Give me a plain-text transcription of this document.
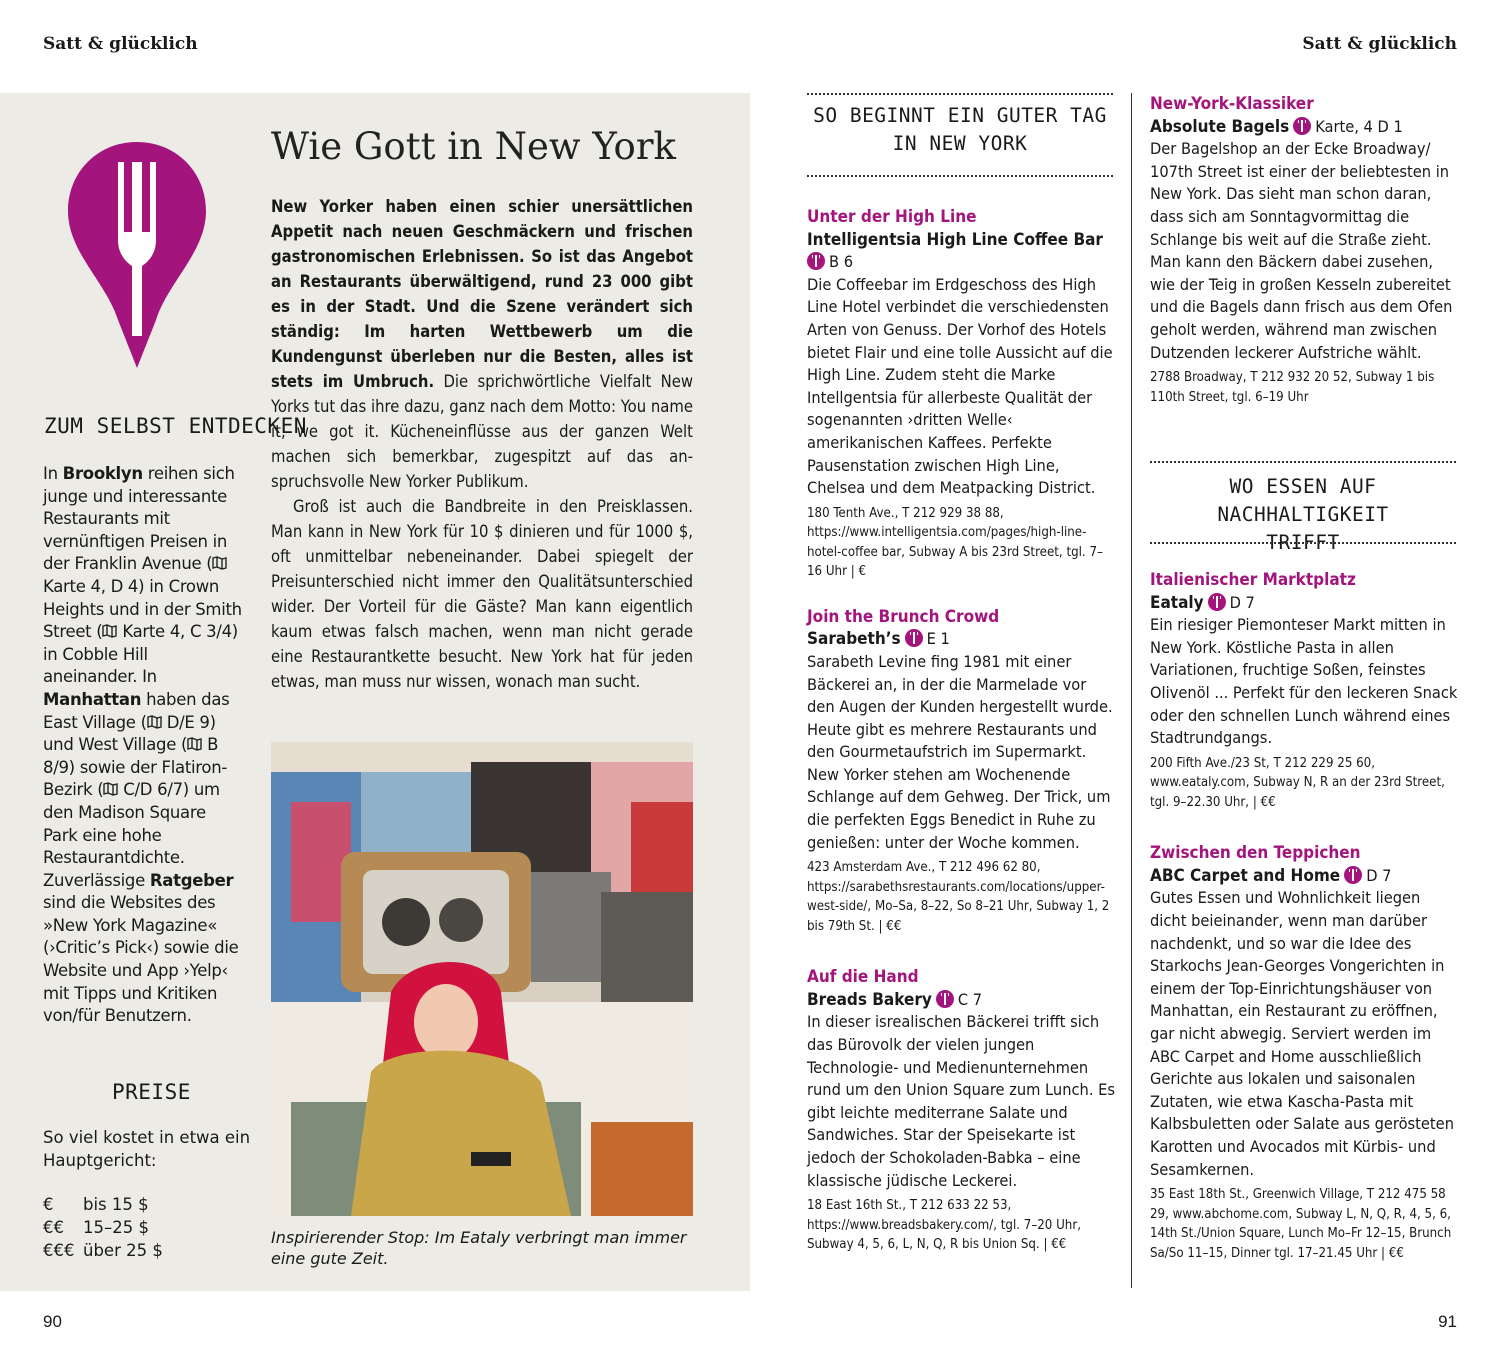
Satt & glücklich	Satt & glücklich
90	91
ZUM SELBST ENTDECKEN
In Brooklyn reihen sich junge und interessante Restaurants mit vernünftigen Preisen in der Franklin Avenue ( Karte 4, D 4) in Crown Heights und in der Smith Street ( Karte 4, C 3/4) in Cobble Hill aneinander. In Manhattan haben das East Village ( D/E 9) und West Village ( B 8/9) sowie der Flatiron-Bezirk ( C/D 6/7) um den Madison Square Park eine hohe Restaurantdichte. Zuverlässige Ratgeber sind die Websites des »New York Magazine« (›Critic’s Pick‹) sowie die Website und App ›Yelp‹ mit Tipps und Kritiken von/für Benutzern.
PREISE
So viel kostet in etwa ein Hauptgericht:
€ bis 15 $
€€ 15–25 $
€€€ über 25 $
Wie Gott in New York

New Yorker haben einen schier unersättlichen Appetit nach neuen Geschmäckern und frischen gastronomischen Erlebnissen. So ist das Angebot an Restaurants überwältigend, rund 23 000 gibt es in der Stadt. Und die Szene verändert sich ständig: Im harten Wettbewerb um die Kundengunst überleben nur die Besten, alles ist stets im Umbruch. Die sprichwörtliche Vielfalt New Yorks tut das ihre dazu, ganz nach dem Motto: You name it, we got it. Kücheneinflüsse aus der ganzen Welt machen sich bemerkbar, zugespitzt auf das anspruchsvolle New Yorker Publikum.

Groß ist auch die Bandbreite in den Preisklassen. Man kann in New York für 10 $ dinieren und für 1000 $, oft unmittelbar nebeneinander. Dabei spiegelt der Preisunterschied nicht immer den Qualitätsunterschied wider. Der Vorteil für die Gäste? Man kann eigentlich kaum etwas falsch machen, wenn man nicht gerade eine Restaurantkette besucht. New York hat für jeden etwas, man muss nur wissen, wonach man sucht.

Inspirierender Stop: Im Eataly verbringt man immer eine gute Zeit.
SO BEGINNT EIN GUTER TAG
IN NEW YORK
Unter der High Line
Intelligentsia High Line Coffee Bar
B 6

Die Coffeebar im Erdgeschoss des High Line Hotel verbindet die verschiedensten Arten von Genuss. Der Vorhof des Hotels bietet Flair und eine tolle Aussicht auf die High Line. Zudem steht die Marke Intellgentsia für allerbeste Qualität der sogenannten ›dritten Welle‹ amerikanischen Kaffees. Perfekte Pausenstation zwischen High Line, Chelsea und dem Meatpacking District.

180 Tenth Ave., T 212 929 38 88, https://www.intelligentsia.com/pages/high-line-hotel-coffee bar, Subway A bis 23rd Street, tgl. 7–16 Uhr | €
Join the Brunch Crowd
Sarabeth’s E 1

Sarabeth Levine fing 1981 mit einer Bäckerei an, in der die Marmelade vor den Augen der Kunden hergestellt wurde. Heute gibt es mehrere Restaurants und den Gourmetaufstrich im Supermarkt. New Yorker stehen am Wochenende Schlange auf dem Gehweg. Der Trick, um die perfekten Eggs Benedict in Ruhe zu genießen: unter der Woche kommen.

423 Amsterdam Ave., T 212 496 62 80, https://sarabethsrestaurants.com/locations/upper-west-side/, Mo–Sa, 8–22, So 8–21 Uhr, Subway 1, 2 bis 79th St. | €€
Auf die Hand
Breads Bakery C 7

In dieser isrealischen Bäckerei trifft sich das Bürovolk der vielen jungen Technologie- und Medienunternehmen rund um den Union Square zum Lunch. Es gibt leichte mediterrane Salate und Sandwiches. Star der Speisekarte ist jedoch der Schokoladen-Babka – eine klassische jüdische Leckerei.

18 East 16th St., T 212 633 22 53, https://www.breadsbakery.com/, tgl. 7–20 Uhr, Subway 4, 5, 6, L, N, Q, R bis Union Sq. | €€
New-York-Klassiker
Absolute Bagels Karte, 4 D 1

Der Bagelshop an der Ecke Broadway/ 107th Street ist einer der beliebtesten in New York. Das sieht man schon daran, dass sich am Sonntagvormittag die Schlange bis weit auf die Straße zieht. Man kann den Bäckern dabei zusehen, wie der Teig in großen Kesseln zubereitet und die Bagels dann frisch aus dem Ofen geholt werden, während man zwischen Dutzenden leckerer Aufstriche wählt.

2788 Broadway, T 212 932 20 52, Subway 1 bis 110th Street, tgl. 6–19 Uhr
WO ESSEN AUF NACHHALTIGKEIT
TRIFFT
Italienischer Marktplatz
Eataly D 7

Ein riesiger Piemonteser Markt mitten in New York. Köstliche Pasta in allen Variationen, fruchtige Soßen, feinstes Olivenöl ... Perfekt für den leckeren Snack oder den schnellen Lunch während eines Stadtrundgangs.

200 Fifth Ave./23 St, T 212 229 25 60, www.eataly.com, Subway N, R an der 23rd Street, tgl. 9–22.30 Uhr, | €€
Zwischen den Teppichen
ABC Carpet and Home D 7

Gutes Essen und Wohnlichkeit liegen dicht beieinander, wenn man darüber nachdenkt, und so war die Idee des Starkochs Jean-Georges Vongerichten in einem der Top-Einrichtungshäuser von Manhattan, ein Restaurant zu eröffnen, gar nicht abwegig. Serviert werden im ABC Carpet and Home ausschließlich Gerichte aus lokalen und saisonalen Zutaten, wie etwa Kascha-Pasta mit Kalbsbuletten oder Salate aus gerösteten Karotten und Avocados mit Kürbis- und Sesamkernen.

35 East 18th St., Greenwich Village, T 212 475 58 29, www.abchome.com, Subway L, N, Q, R, 4, 5, 6, 14th St./Union Square, Lunch Mo–Fr 12–15, Brunch Sa/So 11–15, Dinner tgl. 17–21.45 Uhr | €€
